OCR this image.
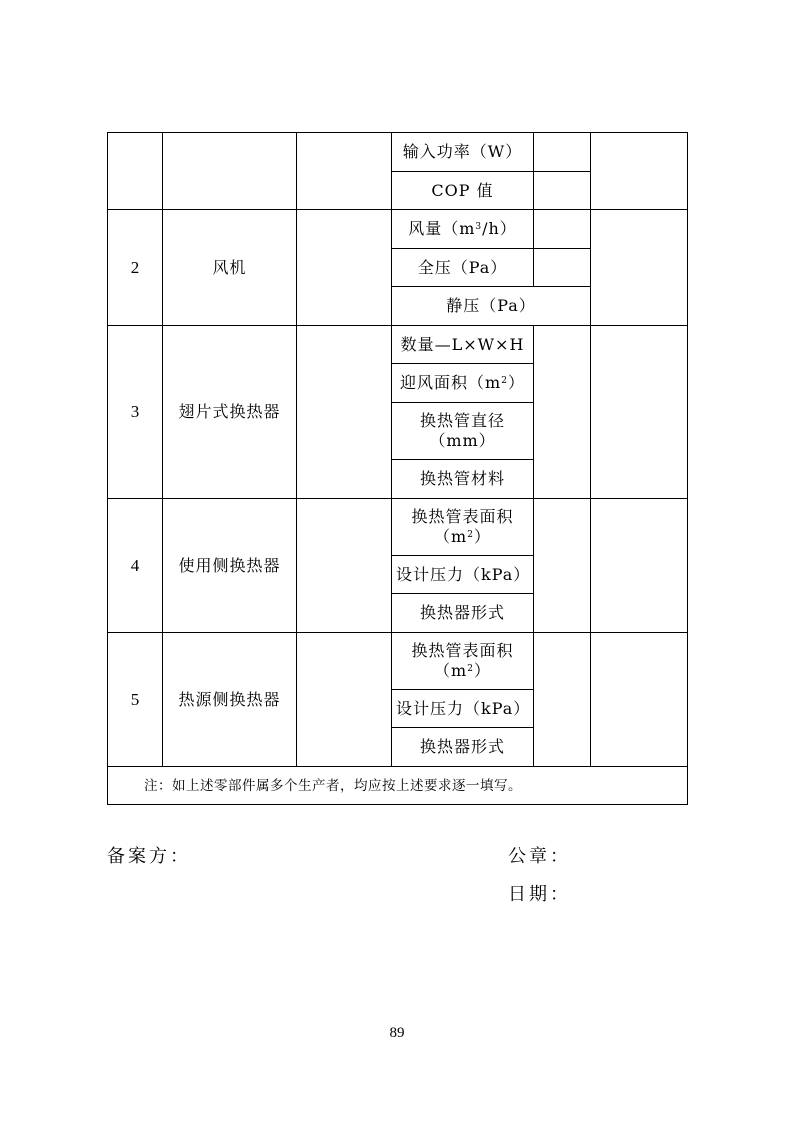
			输入功率（W）		
			COP 值		
2	风机		风量$(m^3/h)$		
			全压（Pa）		
			静压（Pa）		
3	翅片式换热器		数量—L×W×H		
			迎风面积$(m^2)$		
			换热管直径
（mm）		
			换热管材料		
4	使用侧换热器		换热管表面积
$(m^2)$		
			设计压力（kPa）		
			换热器形式		
5	热源侧换热器		换热管表面积
$(m^2)$		
			设计压力（kPa）		
			换热器形式		
注：如上述零部件属多个生产者，均应按上述要求逐一填写。					
备案方：	公章：
日期：
89
